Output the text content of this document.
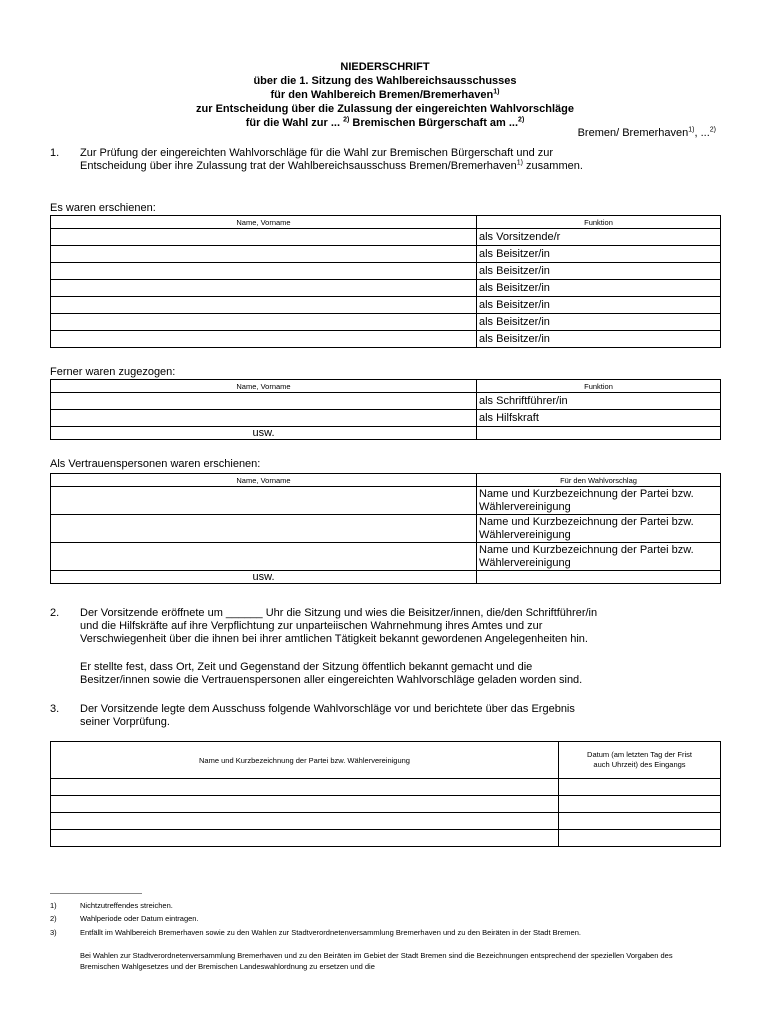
NIEDERSCHRIFT
über die 1. Sitzung des Wahlbereichsausschusses
für den Wahlbereich Bremen/Bremerhaven$^{1)}$
zur Entscheidung über die Zulassung der eingereichten Wahlvorschläge
für die Wahl zur ... $^{2)}$ Bremischen Bürgerschaft am ...$^{2)}$
Bremen/ Bremerhaven$^{1)}$, ...$^{2)}$
1. Zur Prüfung der eingereichten Wahlvorschläge für die Wahl zur Bremischen Bürgerschaft und zur Entscheidung über ihre Zulassung trat der Wahlbereichsausschuss Bremen/Bremerhaven$^{1)}$ zusammen.
Es waren erschienen:
Name, Vorname	Funktion
	als Vorsitzende/r
	als Beisitzer/in
	als Beisitzer/in
	als Beisitzer/in
	als Beisitzer/in
	als Beisitzer/in
	als Beisitzer/in
Ferner waren zugezogen:
Name, Vorname	Funktion
	als Schriftführer/in
	als Hilfskraft
usw.	
Als Vertrauenspersonen waren erschienen:
Name, Vorname	Für den Wahlvorschlag
	Name und Kurzbezeichnung der Partei bzw. Wählervereinigung
	Name und Kurzbezeichnung der Partei bzw. Wählervereinigung
	Name und Kurzbezeichnung der Partei bzw. Wählervereinigung
usw.	
2. Der Vorsitzende eröffnete um ______ Uhr die Sitzung und wies die Beisitzer/innen, die/den Schriftführer/in und die Hilfskräfte auf ihre Verpflichtung zur unparteiischen Wahrnehmung ihres Amtes und zur Verschwiegenheit über die ihnen bei ihrer amtlichen Tätigkeit bekannt gewordenen Angelegenheiten hin.
Er stellte fest, dass Ort, Zeit und Gegenstand der Sitzung öffentlich bekannt gemacht und die Besitzer/innen sowie die Vertrauenspersonen aller eingereichten Wahlvorschläge geladen worden sind.
3. Der Vorsitzende legte dem Ausschuss folgende Wahlvorschläge vor und berichtete über das Ergebnis seiner Vorprüfung.
Name und Kurzbezeichnung der Partei bzw. Wählervereinigung	Datum (am letzten Tag der Frist auch Uhrzeit) des Eingangs

1)	Nichtzutreffendes streichen.
2)	Wahlperiode oder Datum eintragen.
3)	Entfällt im Wahlbereich Bremerhaven sowie zu den Wahlen zur Stadtverordnetenversammlung Bremerhaven und zu den Beiräten in der Stadt Bremen.
Bei Wahlen zur Stadtverordnetenversammlung Bremerhaven und zu den Beiräten im Gebiet der Stadt Bremen sind die Bezeichnungen entsprechend der speziellen Vorgaben des Bremischen Wahlgesetzes und der Bremischen Landeswahlordnung zu ersetzen und die
